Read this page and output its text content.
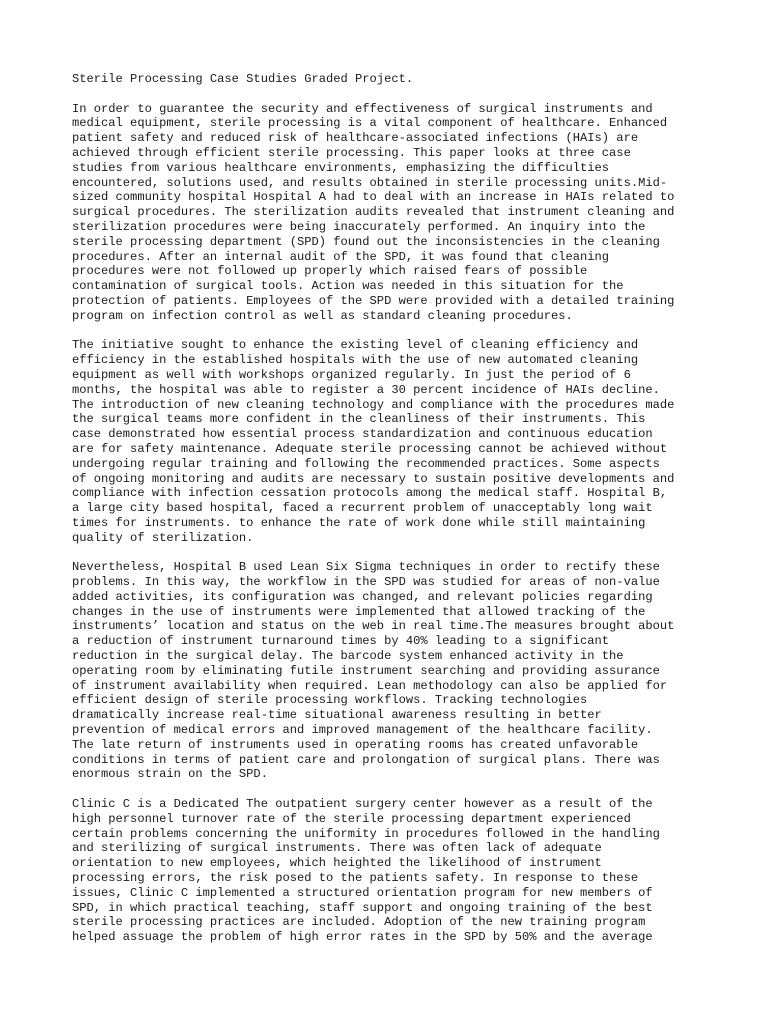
Sterile Processing Case Studies Graded Project.
In order to guarantee the security and effectiveness of surgical instruments and
medical equipment, sterile processing is a vital component of healthcare. Enhanced
patient safety and reduced risk of healthcare-associated infections (HAIs) are
achieved through efficient sterile processing. This paper looks at three case
studies from various healthcare environments, emphasizing the difficulties
encountered, solutions used, and results obtained in sterile processing units.Mid-
sized community hospital Hospital A had to deal with an increase in HAIs related to
surgical procedures. The sterilization audits revealed that instrument cleaning and
sterilization procedures were being inaccurately performed. An inquiry into the
sterile processing department (SPD) found out the inconsistencies in the cleaning
procedures. After an internal audit of the SPD, it was found that cleaning
procedures were not followed up properly which raised fears of possible
contamination of surgical tools. Action was needed in this situation for the
protection of patients. Employees of the SPD were provided with a detailed training
program on infection control as well as standard cleaning procedures.
The initiative sought to enhance the existing level of cleaning efficiency and
efficiency in the established hospitals with the use of new automated cleaning
equipment as well with workshops organized regularly. In just the period of 6
months, the hospital was able to register a 30 percent incidence of HAIs decline.
The introduction of new cleaning technology and compliance with the procedures made
the surgical teams more confident in the cleanliness of their instruments. This
case demonstrated how essential process standardization and continuous education
are for safety maintenance. Adequate sterile processing cannot be achieved without
undergoing regular training and following the recommended practices. Some aspects
of ongoing monitoring and audits are necessary to sustain positive developments and
compliance with infection cessation protocols among the medical staff. Hospital B,
a large city based hospital, faced a recurrent problem of unacceptably long wait
times for instruments. to enhance the rate of work done while still maintaining
quality of sterilization.
Nevertheless, Hospital B used Lean Six Sigma techniques in order to rectify these
problems. In this way, the workflow in the SPD was studied for areas of non-value
added activities, its configuration was changed, and relevant policies regarding
changes in the use of instruments were implemented that allowed tracking of the
instruments’ location and status on the web in real time.The measures brought about
a reduction of instrument turnaround times by 40% leading to a significant
reduction in the surgical delay. The barcode system enhanced activity in the
operating room by eliminating futile instrument searching and providing assurance
of instrument availability when required. Lean methodology can also be applied for
efficient design of sterile processing workflows. Tracking technologies
dramatically increase real-time situational awareness resulting in better
prevention of medical errors and improved management of the healthcare facility.
The late return of instruments used in operating rooms has created unfavorable
conditions in terms of patient care and prolongation of surgical plans. There was
enormous strain on the SPD.
Clinic C is a Dedicated The outpatient surgery center however as a result of the
high personnel turnover rate of the sterile processing department experienced
certain problems concerning the uniformity in procedures followed in the handling
and sterilizing of surgical instruments. There was often lack of adequate
orientation to new employees, which heighted the likelihood of instrument
processing errors, the risk posed to the patients safety. In response to these
issues, Clinic C implemented a structured orientation program for new members of
SPD, in which practical teaching, staff support and ongoing training of the best
sterile processing practices are included. Adoption of the new training program
helped assuage the problem of high error rates in the SPD by 50% and the average
